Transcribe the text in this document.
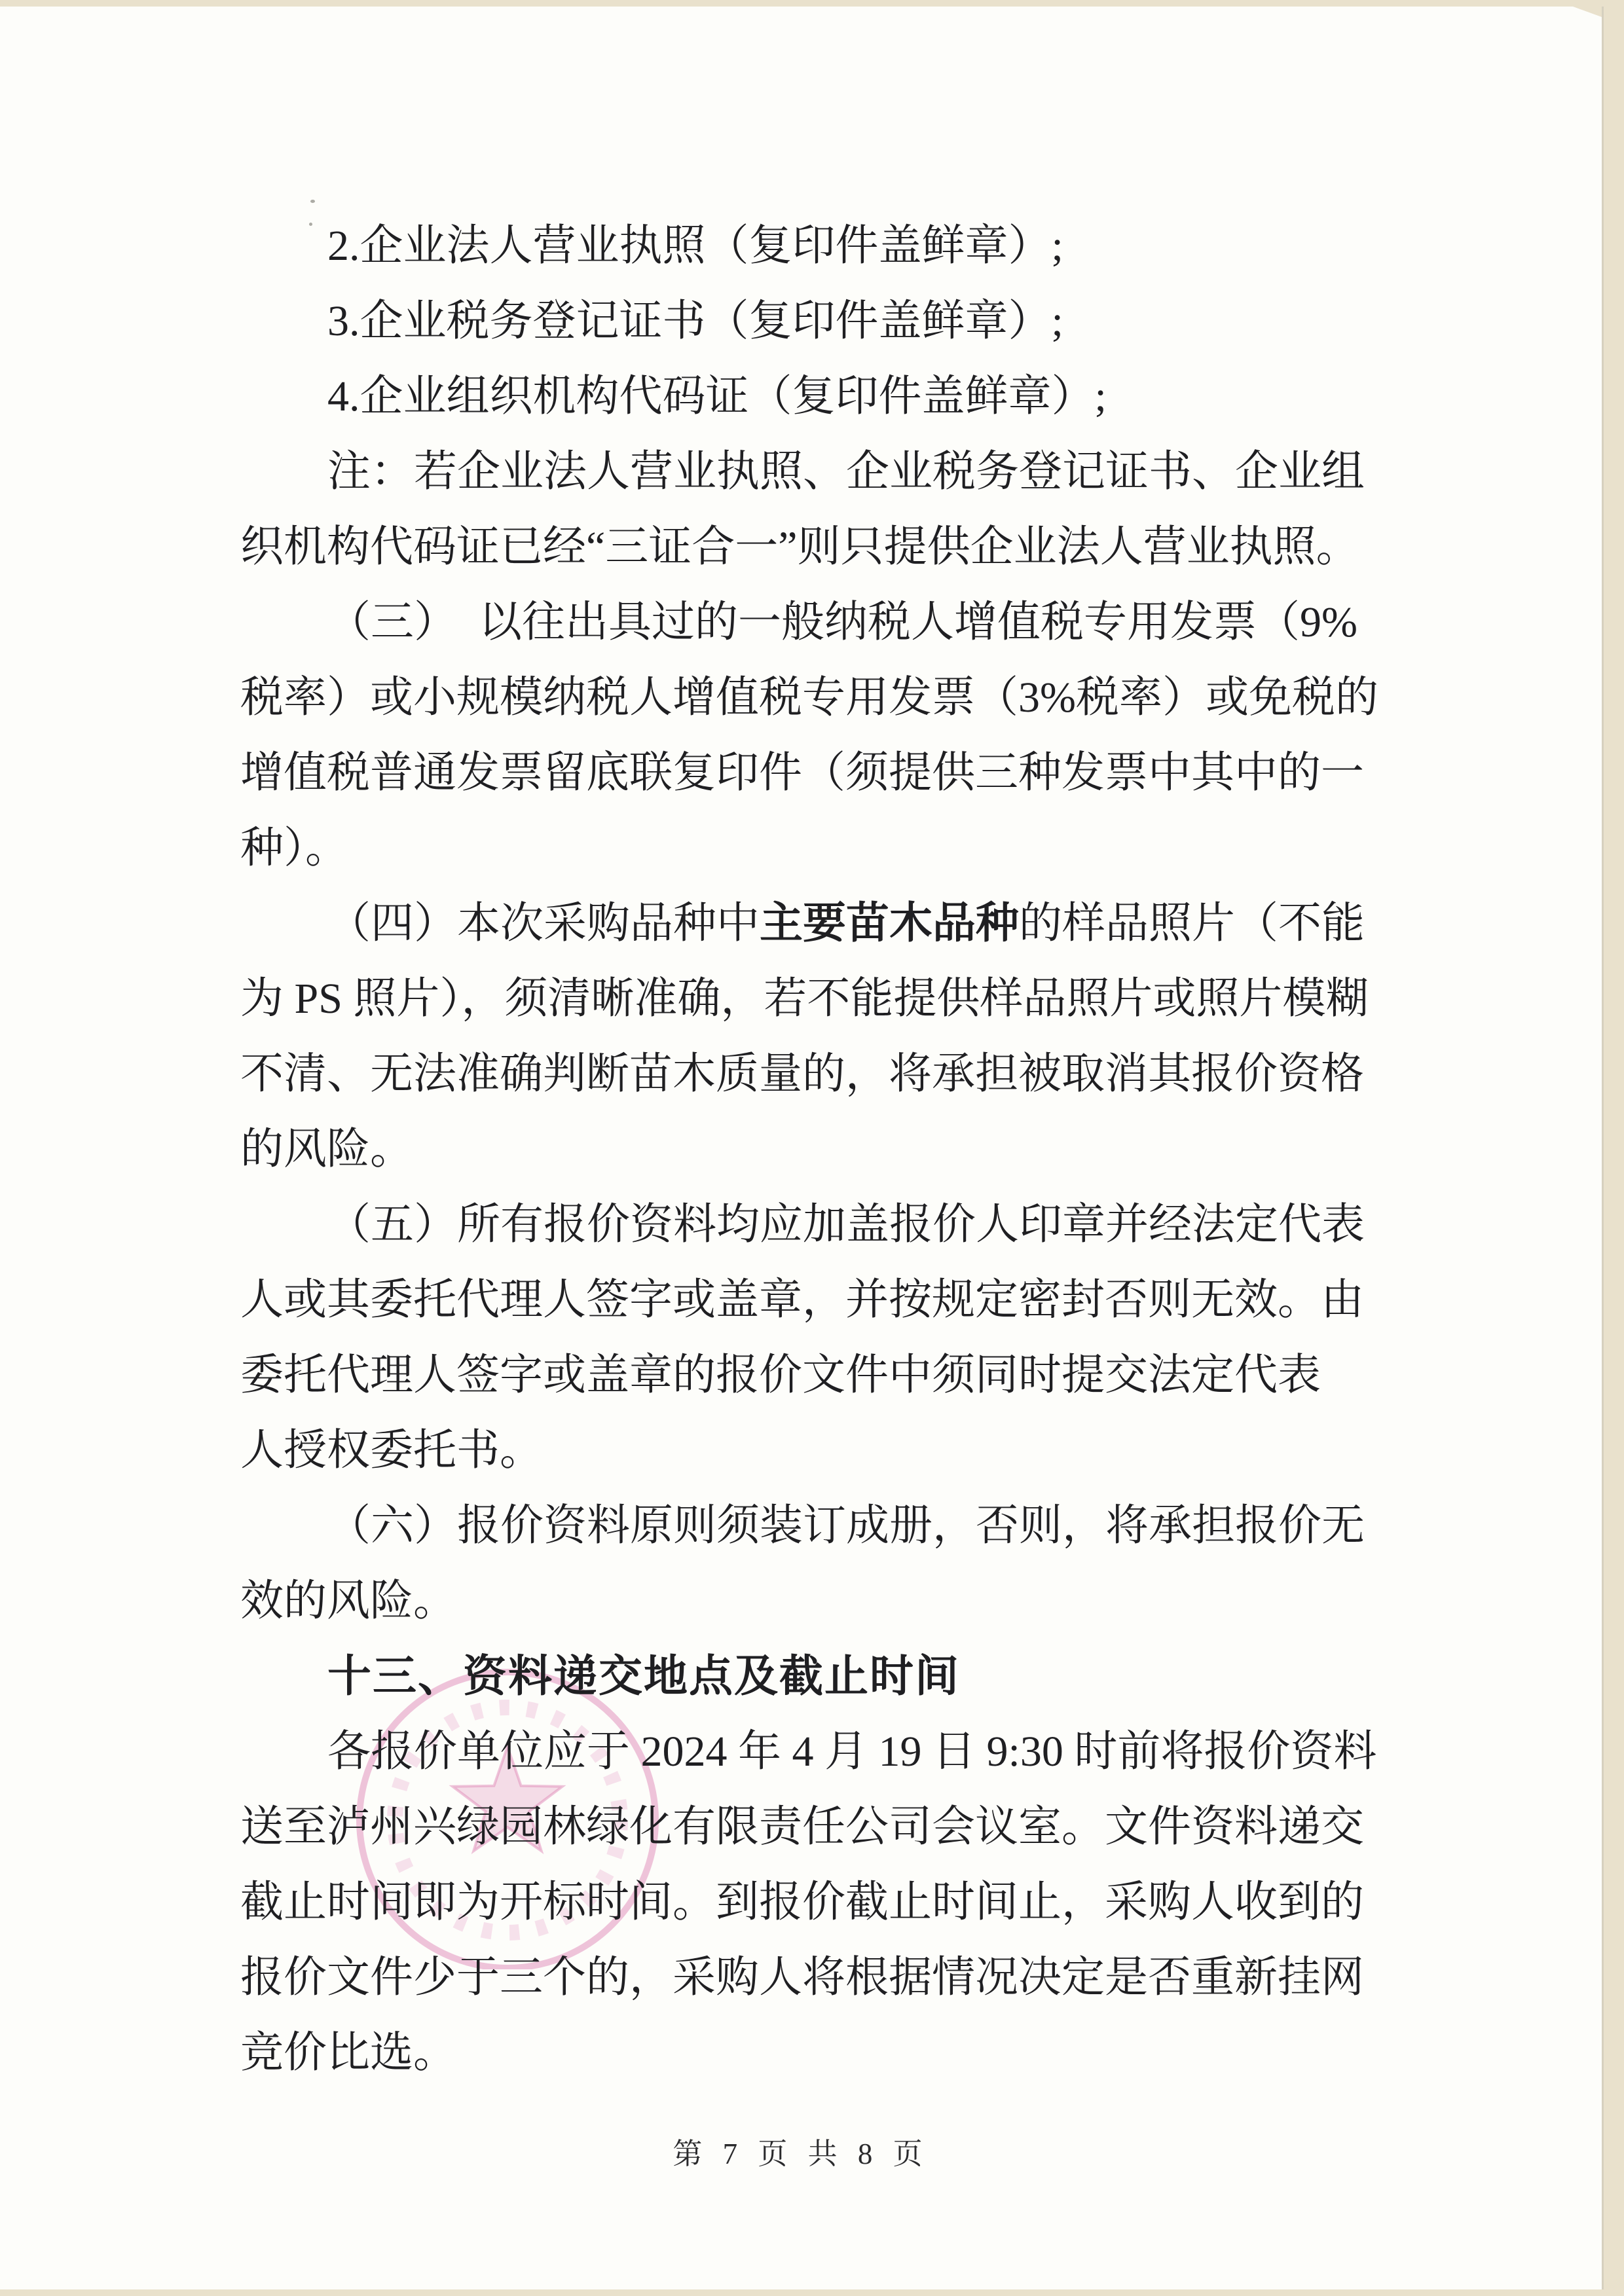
2.企业法人营业执照（复印件盖鲜章）;
3.企业税务登记证书（复印件盖鲜章）;
4.企业组织机构代码证（复印件盖鲜章）;
注：若企业法人营业执照、企业税务登记证书、企业组
织机构代码证已经“三证合一”则只提供企业法人营业执照。
（三）　以往出具过的一般纳税人增值税专用发票（9%
税率）或小规模纳税人增值税专用发票（3%税率）或免税的
增值税普通发票留底联复印件（须提供三种发票中其中的一
种）。
（四）本次采购品种中主要苗木品种的样品照片（不能
为 PS 照片），须清晰准确，若不能提供样品照片或照片模糊
不清、无法准确判断苗木质量的，将承担被取消其报价资格
的风险。
（五）所有报价资料均应加盖报价人印章并经法定代表
人或其委托代理人签字或盖章，并按规定密封否则无效。由
委托代理人签字或盖章的报价文件中须同时提交法定代表
人授权委托书。
（六）报价资料原则须装订成册，否则，将承担报价无
效的风险。
十三、资料递交地点及截止时间
各报价单位应于 2024 年 4 月 19 日 9:30 时前将报价资料
送至泸州兴绿园林绿化有限责任公司会议室。文件资料递交
截止时间即为开标时间。到报价截止时间止，采购人收到的
报价文件少于三个的，采购人将根据情况决定是否重新挂网
竞价比选。
第 7 页 共 8 页
